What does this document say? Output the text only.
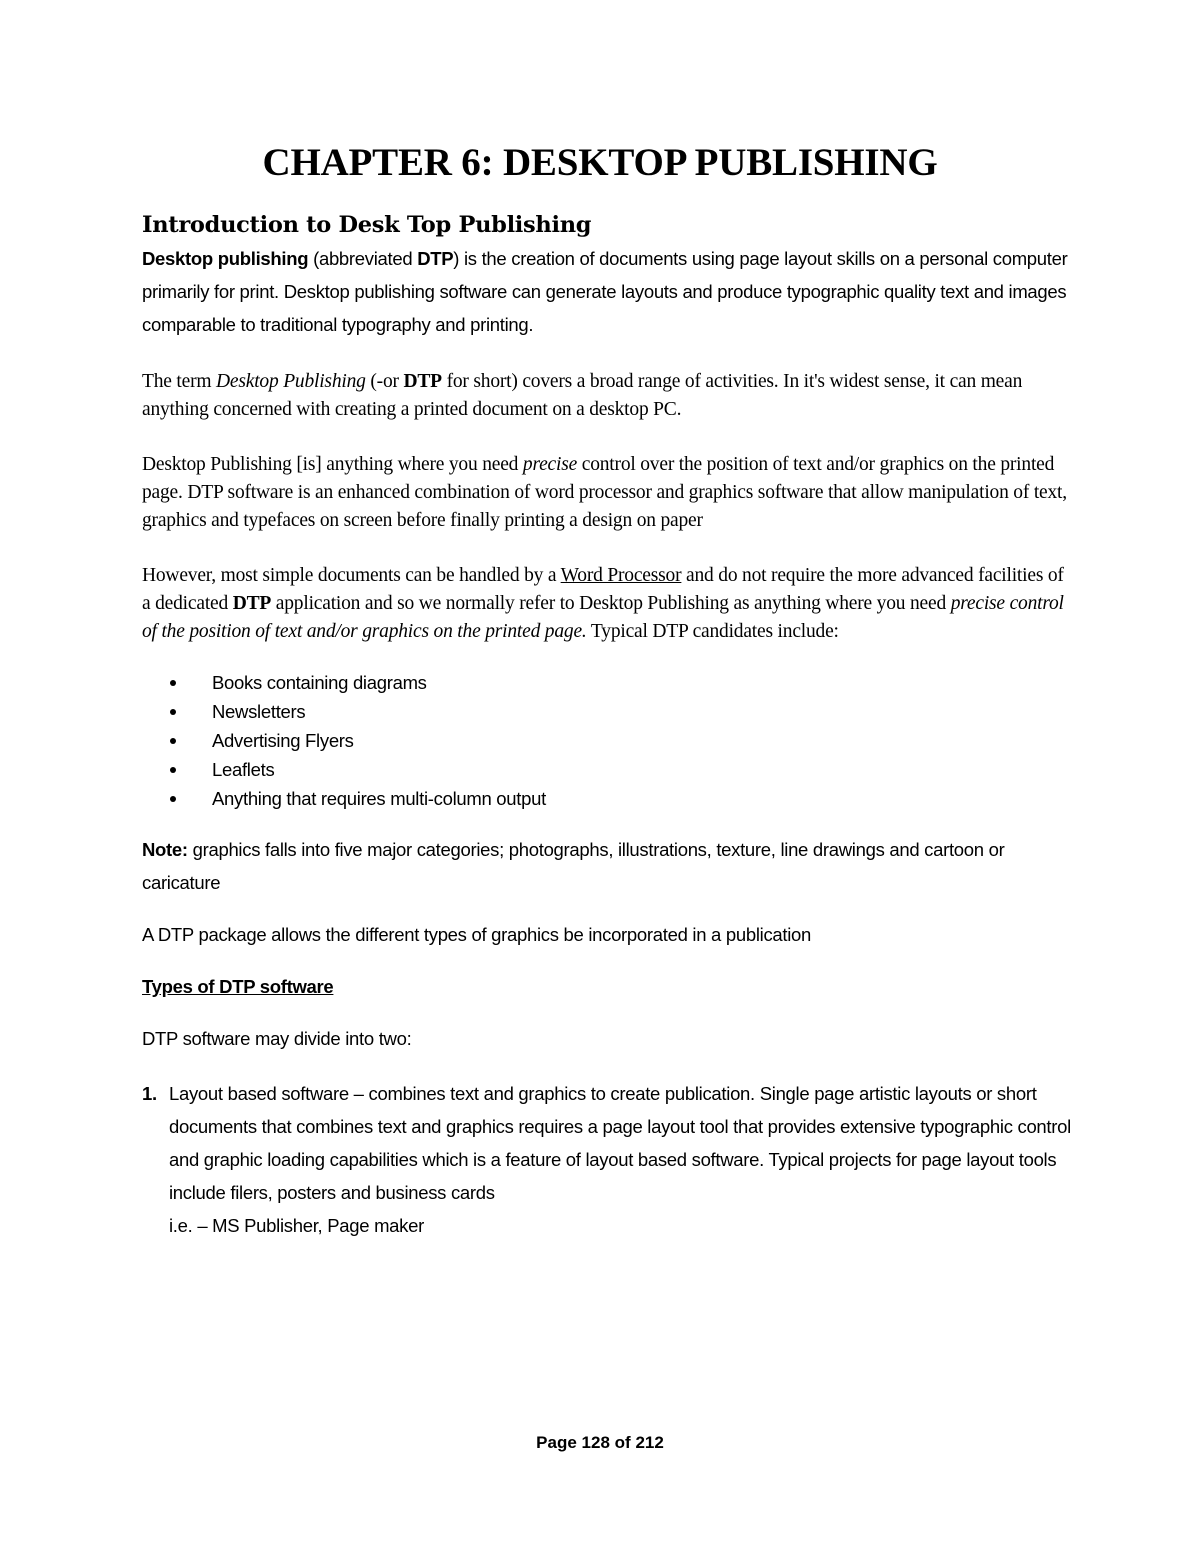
CHAPTER 6: DESKTOP PUBLISHING
Introduction to Desk Top Publishing

Desktop publishing (abbreviated DTP) is the creation of documents using page layout skills on a personal computer primarily for print. Desktop publishing software can generate layouts and produce typographic quality text and images comparable to traditional typography and printing.

The term Desktop Publishing (-or DTP for short) covers a broad range of activities. In it's widest sense, it can mean anything concerned with creating a printed document on a desktop PC.

Desktop Publishing [is] anything where you need precise control over the position of text and/or graphics on the printed page. DTP software is an enhanced combination of word processor and graphics software that allow manipulation of text, graphics and typefaces on screen before finally printing a design on paper

However, most simple documents can be handled by a Word Processor and do not require the more advanced facilities of a dedicated DTP application and so we normally refer to Desktop Publishing as anything where you need precise control of the position of text and/or graphics on the printed page. Typical DTP candidates include:

Books containing diagrams
Newsletters
Advertising Flyers
Leaflets
Anything that requires multi-column output

Note: graphics falls into five major categories; photographs, illustrations, texture, line drawings and cartoon or caricature

A DTP package allows the different types of graphics be incorporated in a publication

Types of DTP software

DTP software may divide into two:

1. Layout based software – combines text and graphics to create publication. Single page artistic layouts or short documents that combines text and graphics requires a page layout tool that provides extensive typographic control and graphic loading capabilities which is a feature of layout based software. Typical projects for page layout tools include filers, posters and business cards

i.e. – MS Publisher, Page maker

Page 128 of 212
